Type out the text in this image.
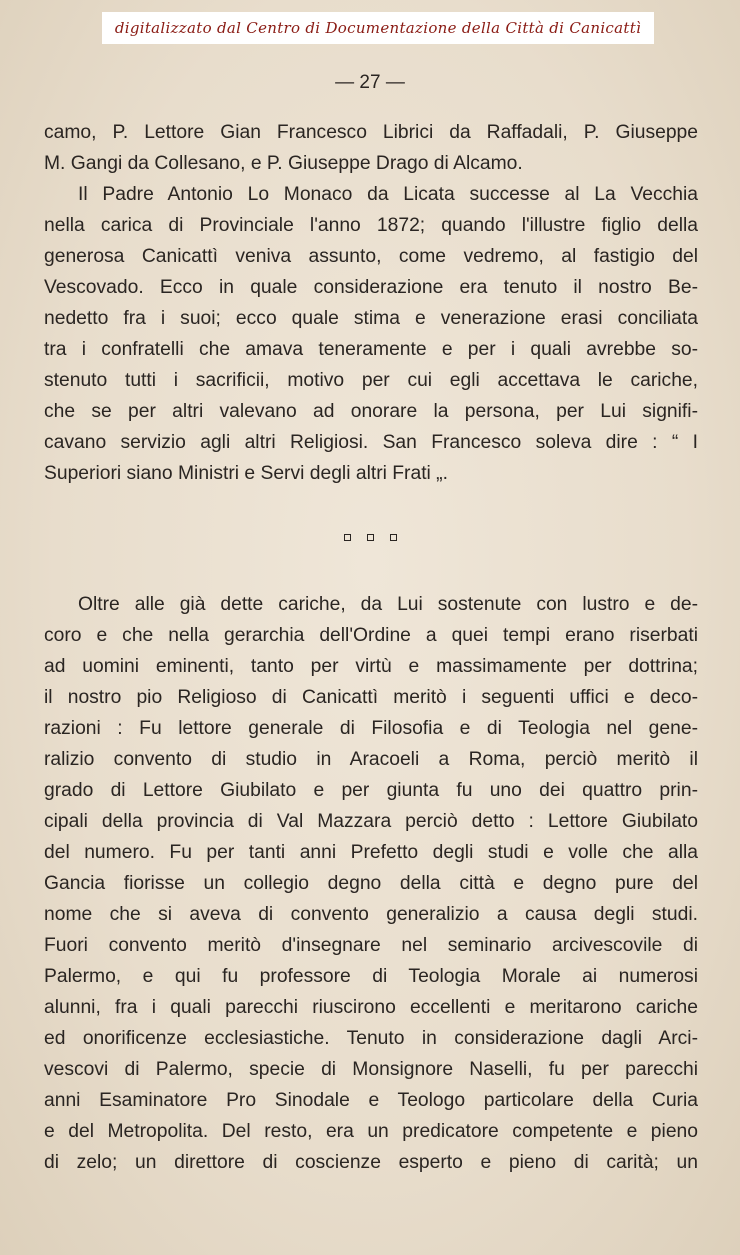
digitalizzato dal Centro di Documentazione della Città di Canicattì
— 27 —
camo, P. Lettore Gian Francesco Librici da Raffadali, P. Giuseppe
M. Gangi da Collesano, e P. Giuseppe Drago di Alcamo.
Il Padre Antonio Lo Monaco da Licata successe al La Vecchia
nella carica di Provinciale l'anno 1872; quando l'illustre figlio della
generosa Canicattì veniva assunto, come vedremo, al fastigio del
Vescovado. Ecco in quale considerazione era tenuto il nostro Be-
nedetto fra i suoi; ecco quale stima e venerazione erasi conciliata
tra i confratelli che amava teneramente e per i quali avrebbe so-
stenuto tutti i sacrificii, motivo per cui egli accettava le cariche,
che se per altri valevano ad onorare la persona, per Lui signifi-
cavano servizio agli altri Religiosi. San Francesco soleva dire : “ I
Superiori siano Ministri e Servi degli altri Frati „.
Oltre alle già dette cariche, da Lui sostenute con lustro e de-
coro e che nella gerarchia dell'Ordine a quei tempi erano riserbati
ad uomini eminenti, tanto per virtù e massimamente per dottrina;
il nostro pio Religioso di Canicattì meritò i seguenti uffici e deco-
razioni : Fu lettore generale di Filosofia e di Teologia nel gene-
ralizio convento di studio in Aracoeli a Roma, perciò meritò il
grado di Lettore Giubilato e per giunta fu uno dei quattro prin-
cipali della provincia di Val Mazzara perciò detto : Lettore Giubilato
del numero. Fu per tanti anni Prefetto degli studi e volle che alla
Gancia fiorisse un collegio degno della città e degno pure del
nome che si aveva di convento generalizio a causa degli studi.
Fuori convento meritò d'insegnare nel seminario arcivescovile di
Palermo, e qui fu professore di Teologia Morale ai numerosi
alunni, fra i quali parecchi riuscirono eccellenti e meritarono cariche
ed onorificenze ecclesiastiche. Tenuto in considerazione dagli Arci-
vescovi di Palermo, specie di Monsignore Naselli, fu per parecchi
anni Esaminatore Pro Sinodale e Teologo particolare della Curia
e del Metropolita. Del resto, era un predicatore competente e pieno
di zelo; un direttore di coscienze esperto e pieno di carità; un
